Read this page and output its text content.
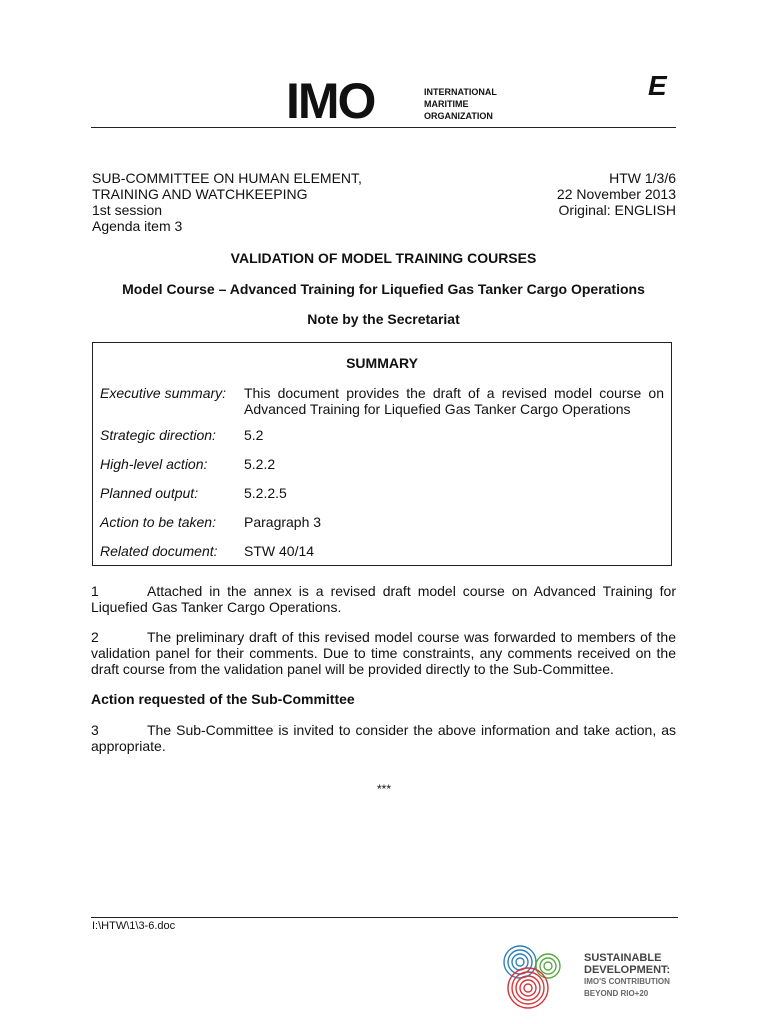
IMO	INTERNATIONAL
MARITIME
ORGANIZATION
E
SUB-COMMITTEE ON HUMAN ELEMENT,
TRAINING AND WATCHKEEPING
1st session
Agenda item 3
HTW 1/3/6
22 November 2013
Original: ENGLISH
VALIDATION OF MODEL TRAINING COURSES
Model Course – Advanced Training for Liquefied Gas Tanker Cargo Operations
Note by the Secretariat
SUMMARY
Executive summary: This document provides the draft of a revised model course on Advanced Training for Liquefied Gas Tanker Cargo Operations
Strategic direction: 5.2
High-level action:	5.2.2
Planned output:	5.2.2.5
Action to be taken: Paragraph 3
Related document: STW 40/14
1	Attached in the annex is a revised draft model course on Advanced Training for Liquefied Gas Tanker Cargo Operations.
2	The preliminary draft of this revised model course was forwarded to members of the validation panel for their comments. Due to time constraints, any comments received on the draft course from the validation panel will be provided directly to the Sub-Committee.
Action requested of the Sub-Committee
3	The Sub-Committee is invited to consider the above information and take action, as appropriate.
***
I:\HTW\1\3-6.doc
SUSTAINABLE
DEVELOPMENT:
IMO'S CONTRIBUTION
BEYOND RIO+20
